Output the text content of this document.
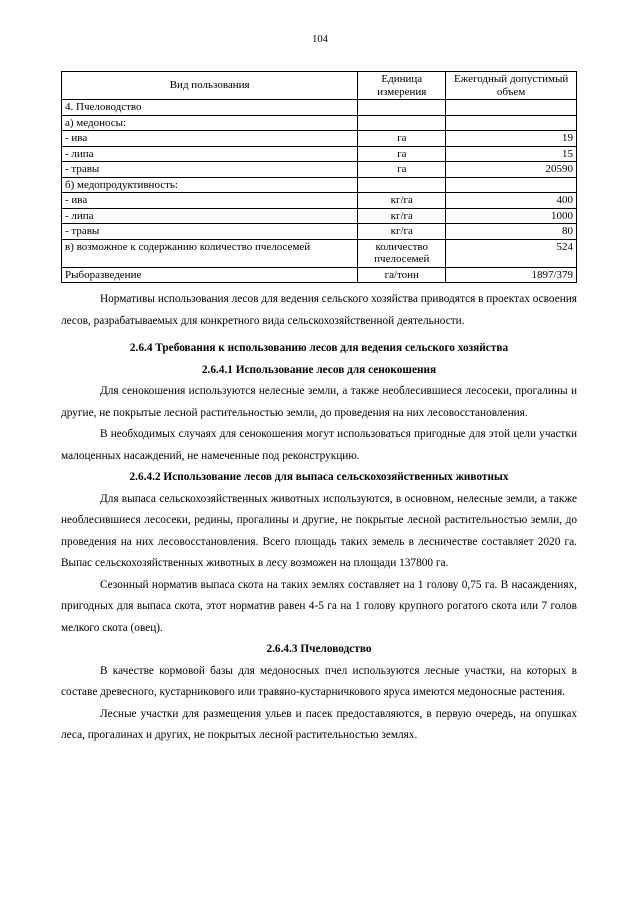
104
Вид пользования	Единица измерения	Ежегодный допустимый объем
4. Пчеловодство		
а) медоносы:		
- ива	га	19
- липа	га	15
- травы	га	20590
б) медопродуктивность:		
- ива	кг/га	400
- липа	кг/га	1000
- травы	кг/га	80
в) возможное к содержанию количество пчелосемей	количество пчелосемей	524
Рыборазведение	га/тонн	1897/379

Нормативы использования лесов для ведения сельского хозяйства приводятся в проектах освоения лесов, разрабатываемых для конкретного вида сельскохозяйственной деятельности.

2.6.4 Требования к использованию лесов для ведения сельского хозяйства
2.6.4.1 Использование лесов для сенокошения

Для сенокошения используются нелесные земли, а также необлесившиеся лесосеки, прогалины и другие, не покрытые лесной растительностью земли, до проведения на них лесовосстановления.

В необходимых случаях для сенокошения могут использоваться пригодные для этой цели участки малоценных насаждений, не намеченные под реконструкцию.

2.6.4.2 Использование лесов для выпаса сельскохозяйственных животных

Для выпаса сельскохозяйственных животных используются, в основном, нелесные земли, а также необлесившиеся лесосеки, редины, прогалины и другие, не покрытые лесной растительностью земли, до проведения на них лесовосстановления. Всего площадь таких земель в лесничестве составляет 2020 га. Выпас сельскохозяйственных животных в лесу возможен на площади 137800 га.

Сезонный норматив выпаса скота на таких землях составляет на 1 голову 0,75 га. В насаждениях, пригодных для выпаса скота, этот норматив равен 4-5 га на 1 голову крупного рогатого скота или 7 голов мелкого скота (овец).

2.6.4.3 Пчеловодство

В качестве кормовой базы для медоносных пчел используются лесные участки, на которых в составе древесного, кустарникового или травяно-кустарничкового яруса имеются медоносные растения.

Лесные участки для размещения ульев и пасек предоставляются, в первую очередь, на опушках леса, прогалинах и других, не покрытых лесной растительностью землях.
